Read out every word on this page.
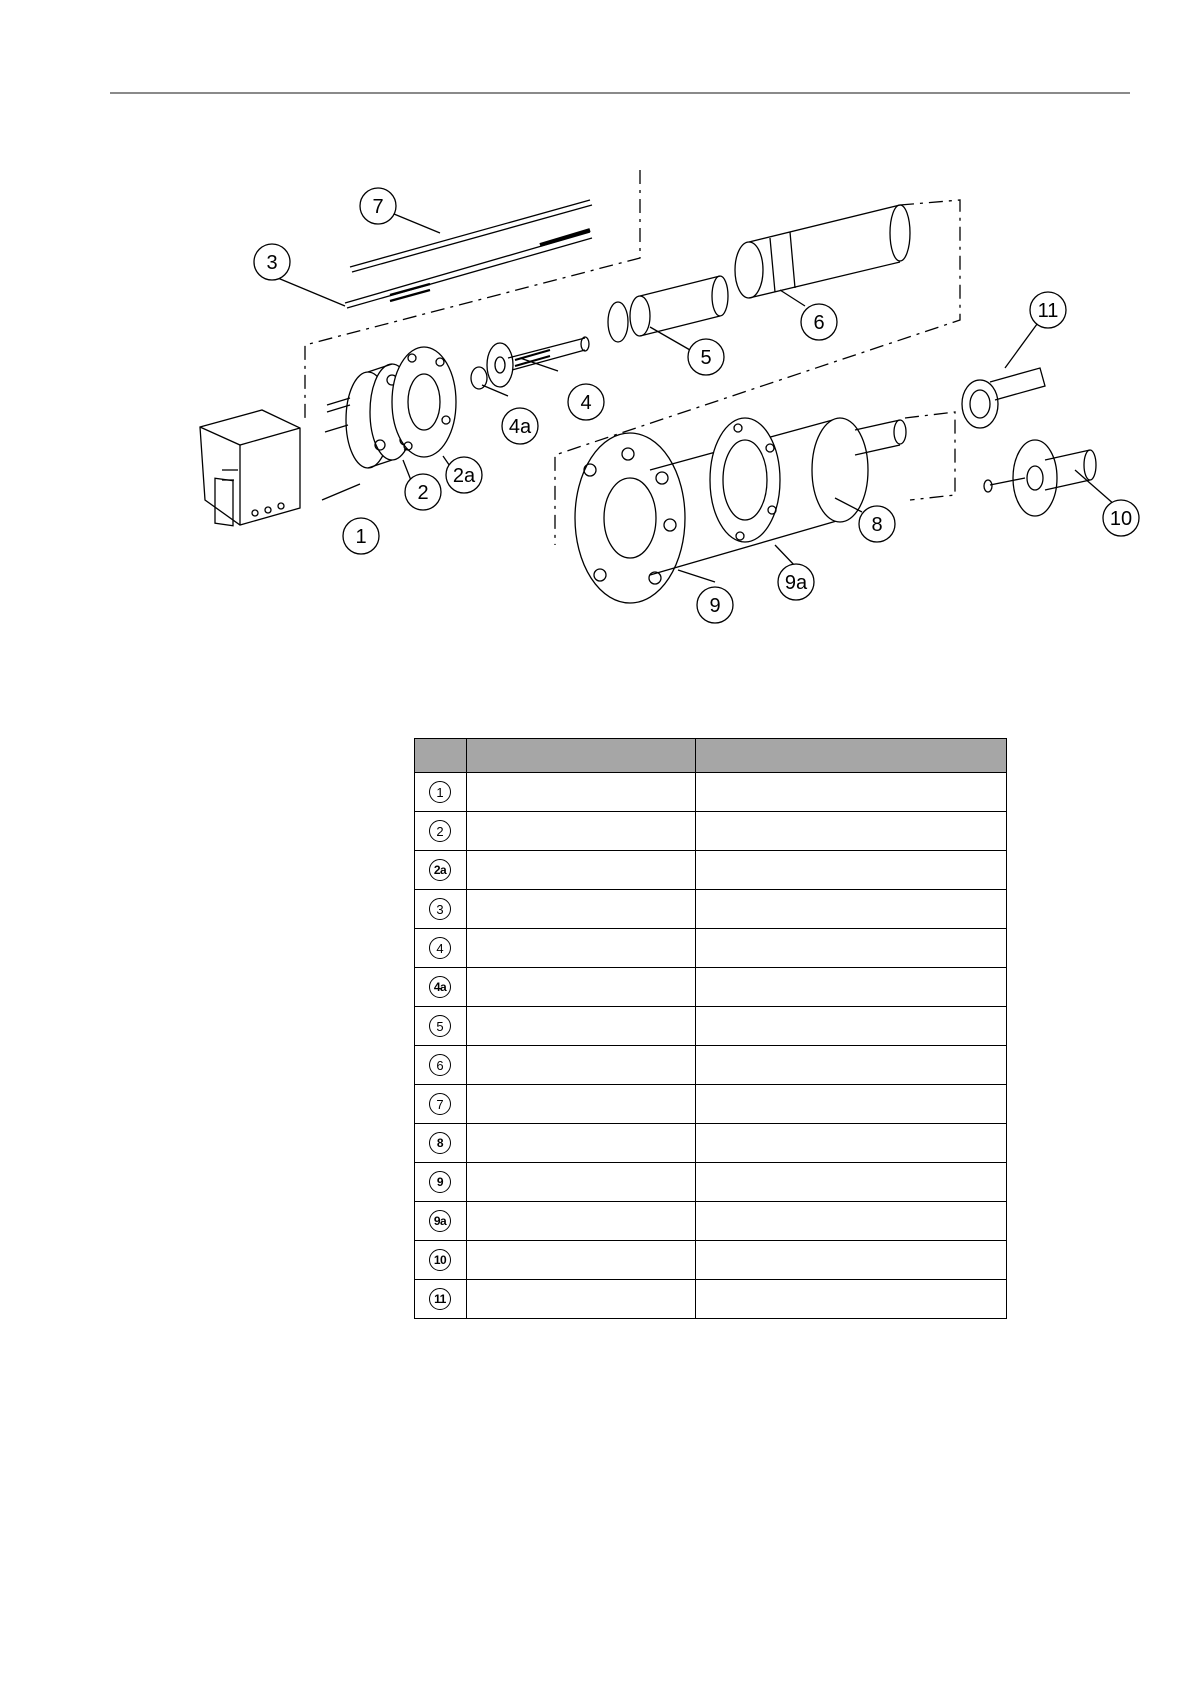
1
2
2a
3
4
4a
5
6
7
8
9
9a
10
11

1		
2		
2a		
3		
4		
4a		
5		
6		
7		
8		
9		
9a		
10		
11		
